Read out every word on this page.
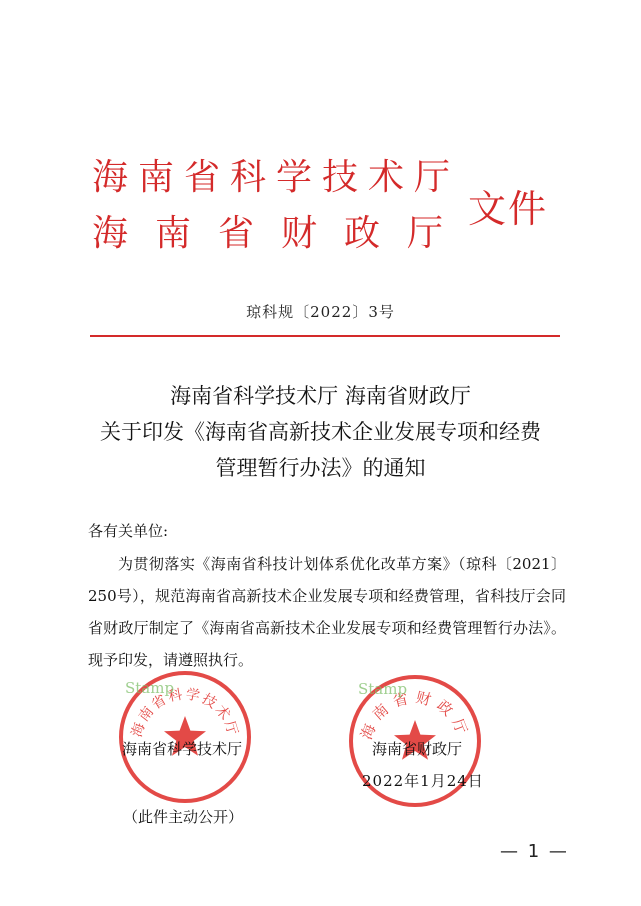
海南省科学技术厅
海南省财政厅
文件
琼科规〔2022〕3号
海南省科学技术厅 海南省财政厅
关于印发《海南省高新技术企业发展专项和经费
管理暂行办法》的通知
各有关单位:
为贯彻落实《海南省科技计划体系优化改革方案》（琼科〔2021〕250号），规范海南省高新技术企业发展专项和经费管理，省科技厅会同省财政厅制定了《海南省高新技术企业发展专项和经费管理暂行办法》。现予印发，请遵照执行。
海南省科学技术厅
Stamp
海南省财政厅
Stamp
海南省科学技术厅	海南省财政厅
2022年1月24日
（此件主动公开）
— 1 —
